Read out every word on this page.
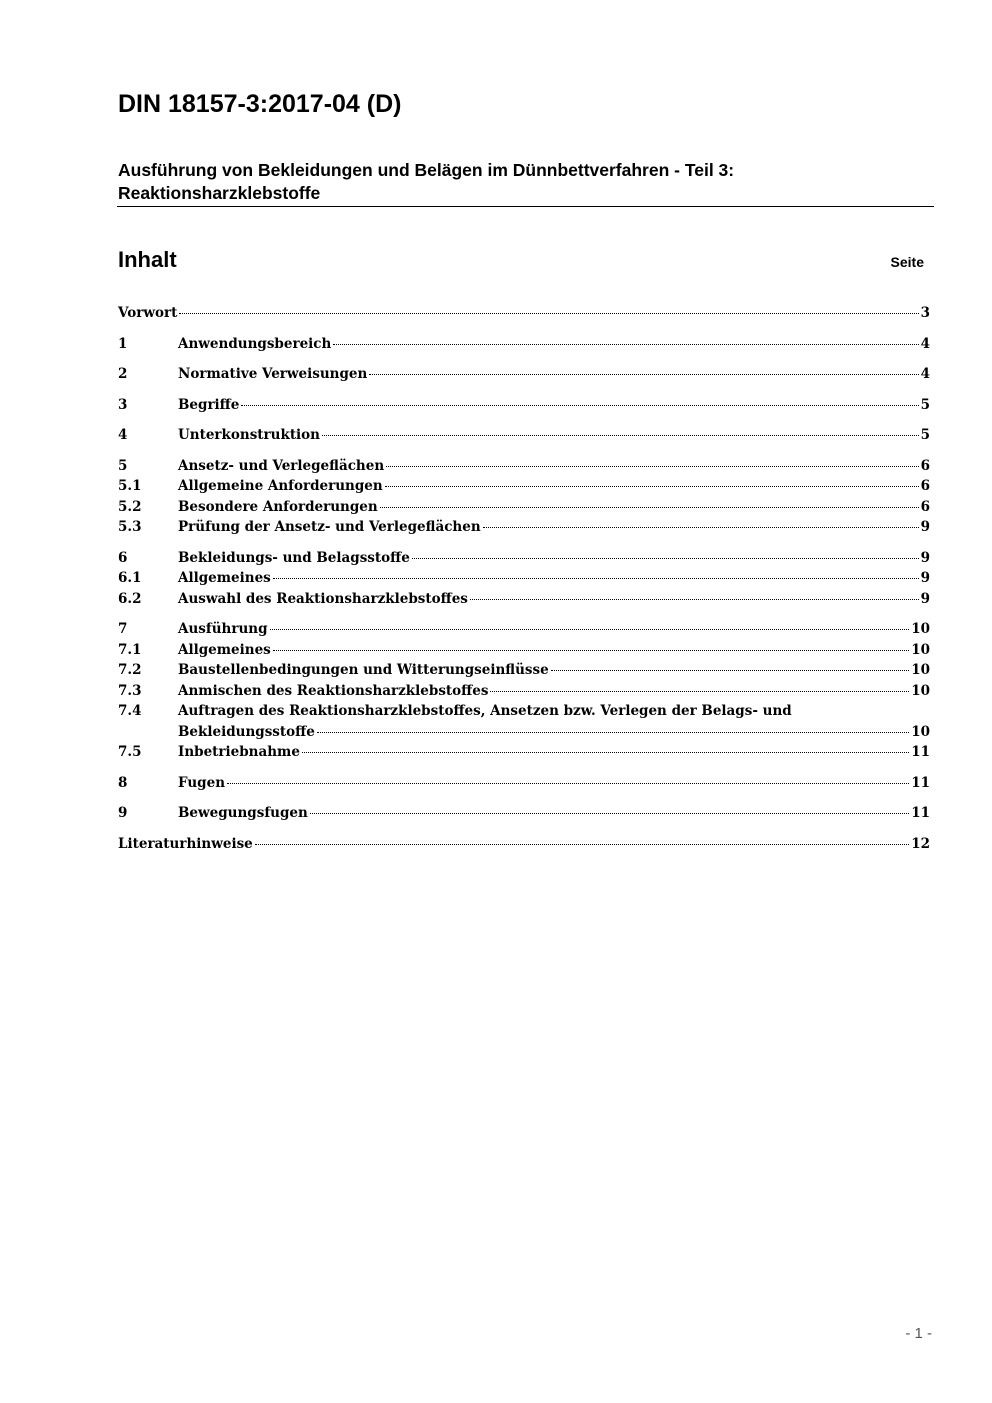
DIN 18157-3:2017-04 (D)
Ausführung von Bekleidungen und Belägen im Dünnbettverfahren - Teil 3: Reaktionsharzklebstoffe
Inhalt	Seite
Vorwort	3
1	Anwendungsbereich	4
2	Normative Verweisungen	4
3	Begriffe	5
4	Unterkonstruktion	5
5	Ansetz- und Verlegeflächen	6
5.1	Allgemeine Anforderungen	6
5.2	Besondere Anforderungen	6
5.3	Prüfung der Ansetz- und Verlegeflächen	9
6	Bekleidungs- und Belagsstoffe	9
6.1	Allgemeines	9
6.2	Auswahl des Reaktionsharzklebstoffes	9
7	Ausführung	10
7.1	Allgemeines	10
7.2	Baustellenbedingungen und Witterungseinflüsse	10
7.3	Anmischen des Reaktionsharzklebstoffes	10
7.4	Auftragen des Reaktionsharzklebstoffes, Ansetzen bzw. Verlegen der Belags- und
Bekleidungsstoffe	10
7.5	Inbetriebnahme	11
8	Fugen	11
9	Bewegungsfugen	11
Literaturhinweise	12
- 1 -
